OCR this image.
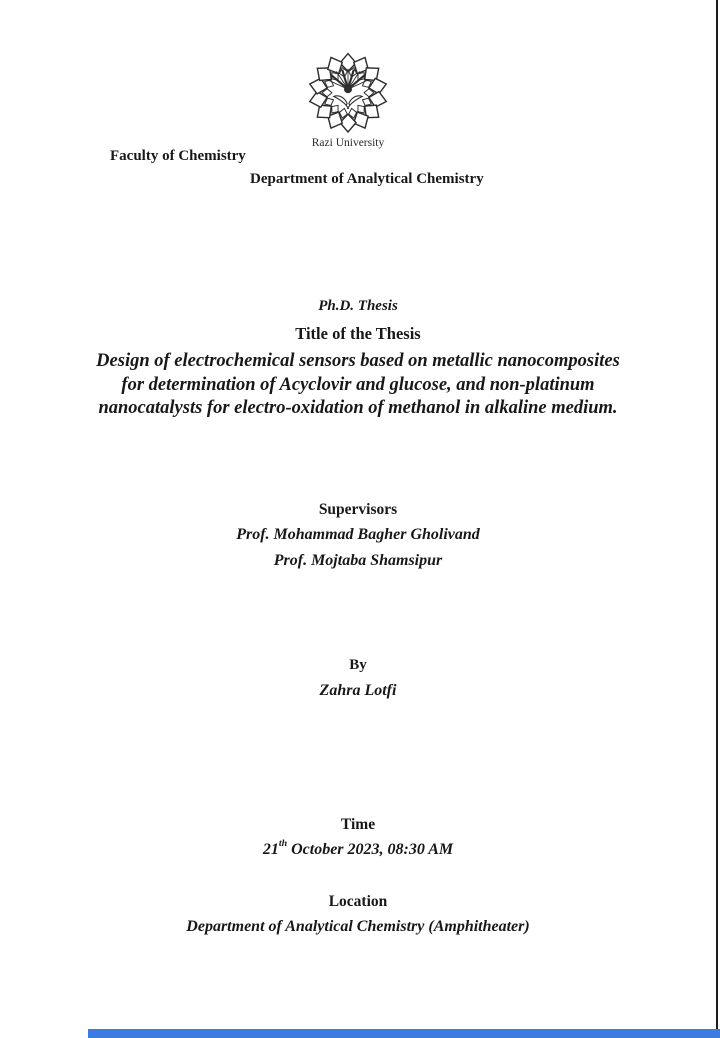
Razi University
Faculty of Chemistry
Department of Analytical Chemistry
Ph.D. Thesis
Title of the Thesis
Design of electrochemical sensors based on metallic nanocomposites
for determination of Acyclovir and glucose, and non-platinum
nanocatalysts for electro-oxidation of methanol in alkaline medium.
Supervisors
Prof. Mohammad Bagher Gholivand
Prof. Mojtaba Shamsipur
By
Zahra Lotfi
Time
21th October 2023, 08:30 AM
Location
Department of Analytical Chemistry (Amphitheater)
